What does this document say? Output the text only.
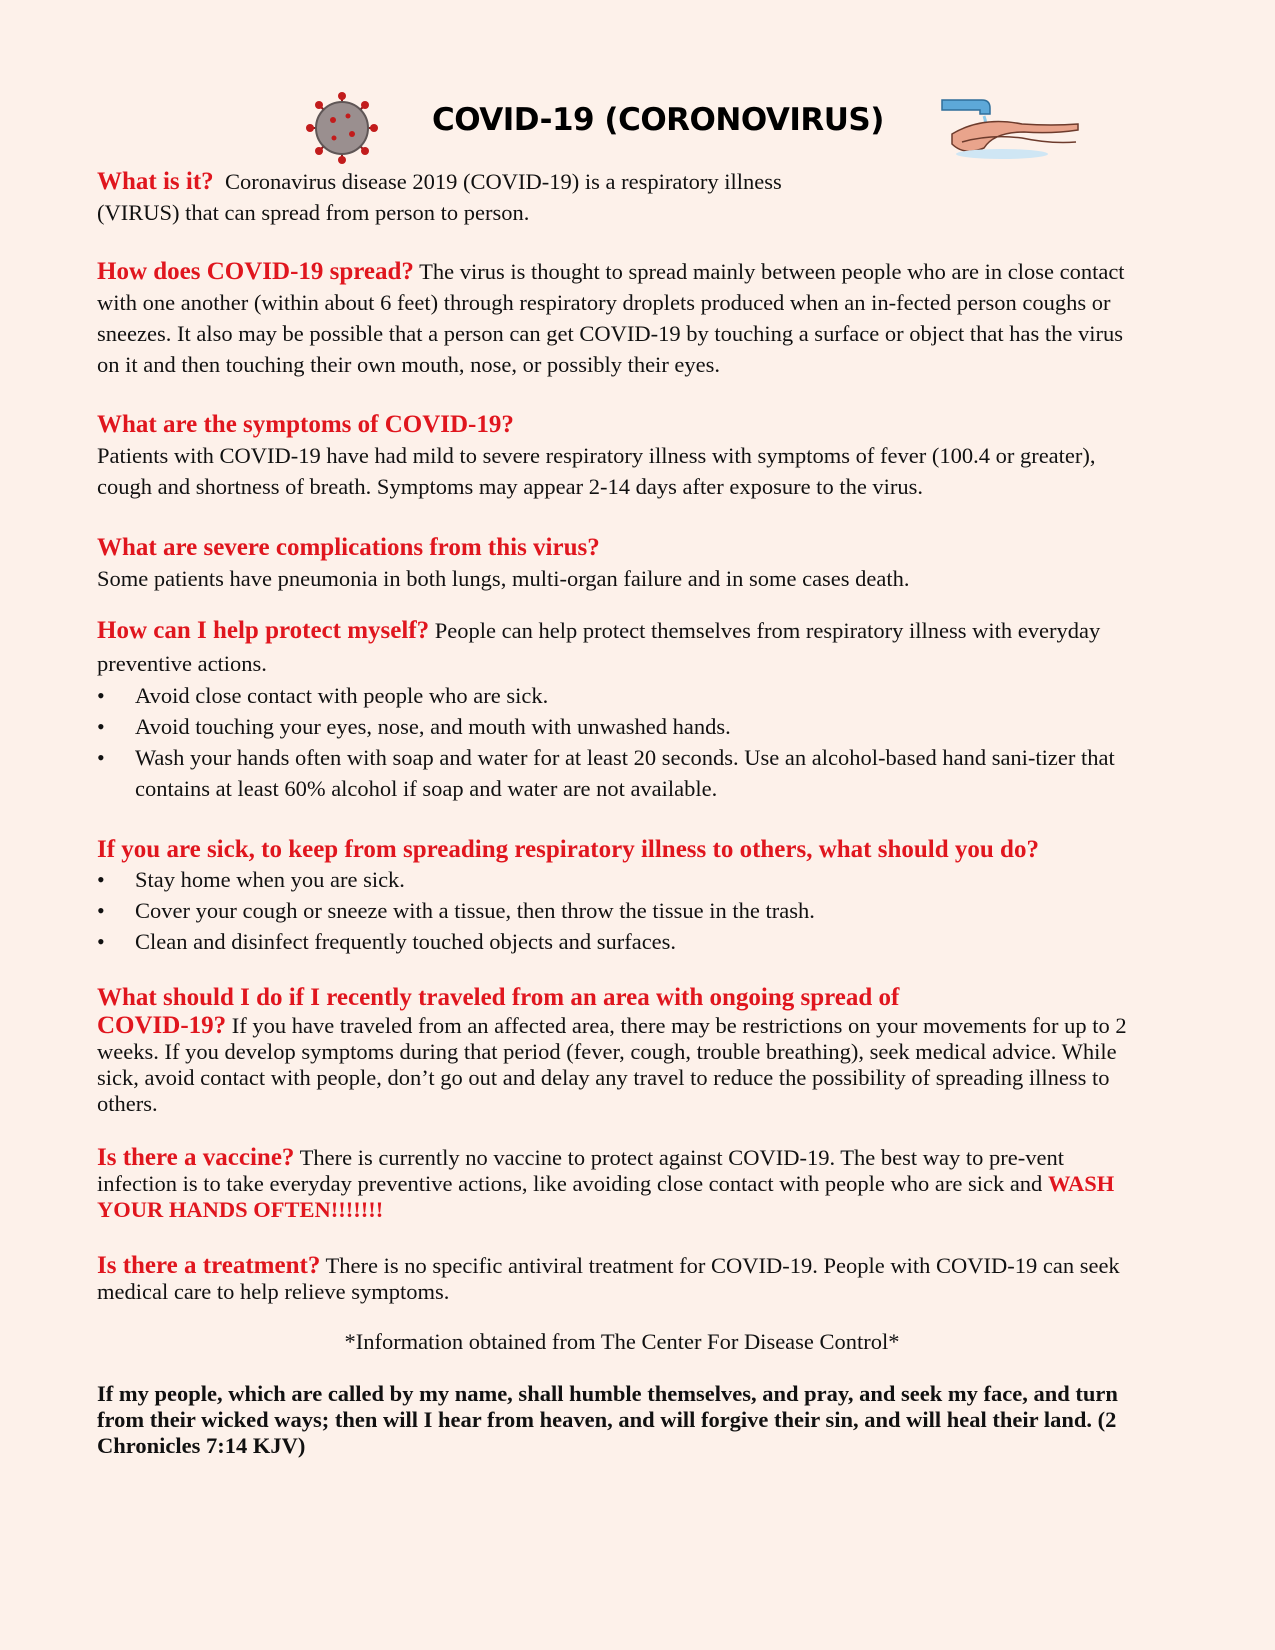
COVID-19 (CORONOVIRUS)

What is it? Coronavirus disease 2019 (COVID-19) is a respiratory illness

(VIRUS) that can spread from person to person.

How does COVID-19 spread? The virus is thought to spread mainly between people who are in close contact with one another (within about 6 feet) through respiratory droplets produced when an in-fected person coughs or sneezes. It also may be possible that a person can get COVID-19 by touching a surface or object that has the virus on it and then touching their own mouth, nose, or possibly their eyes.

What are the symptoms of COVID-19?

Patients with COVID-19 have had mild to severe respiratory illness with symptoms of fever (100.4 or greater), cough and shortness of breath. Symptoms may appear 2-14 days after exposure to the virus.

What are severe complications from this virus?

Some patients have pneumonia in both lungs, multi-organ failure and in some cases death.

How can I help protect myself? People can help protect themselves from respiratory illness with everyday preventive actions.

• Avoid close contact with people who are sick.
• Avoid touching your eyes, nose, and mouth with unwashed hands.
• Wash your hands often with soap and water for at least 20 seconds. Use an alcohol-based hand sani-tizer that contains at least 60% alcohol if soap and water are not available.

If you are sick, to keep from spreading respiratory illness to others, what should you do?

• Stay home when you are sick.
• Cover your cough or sneeze with a tissue, then throw the tissue in the trash.
• Clean and disinfect frequently touched objects and surfaces.

What should I do if I recently traveled from an area with ongoing spread of

COVID-19? If you have traveled from an affected area, there may be restrictions on your movements for up to 2 weeks. If you develop symptoms during that period (fever, cough, trouble breathing), seek medical advice. While sick, avoid contact with people, don’t go out and delay any travel to reduce the possibility of spreading illness to others.

Is there a vaccine? There is currently no vaccine to protect against COVID-19. The best way to pre-vent infection is to take everyday preventive actions, like avoiding close contact with people who are sick and WASH YOUR HANDS OFTEN!!!!!!!

Is there a treatment? There is no specific antiviral treatment for COVID-19. People with COVID-19 can seek medical care to help relieve symptoms.

*Information obtained from The Center For Disease Control*

If my people, which are called by my name, shall humble themselves, and pray, and seek my face, and turn from their wicked ways; then will I hear from heaven, and will forgive their sin, and will heal their land. (2 Chronicles 7:14 KJV)
